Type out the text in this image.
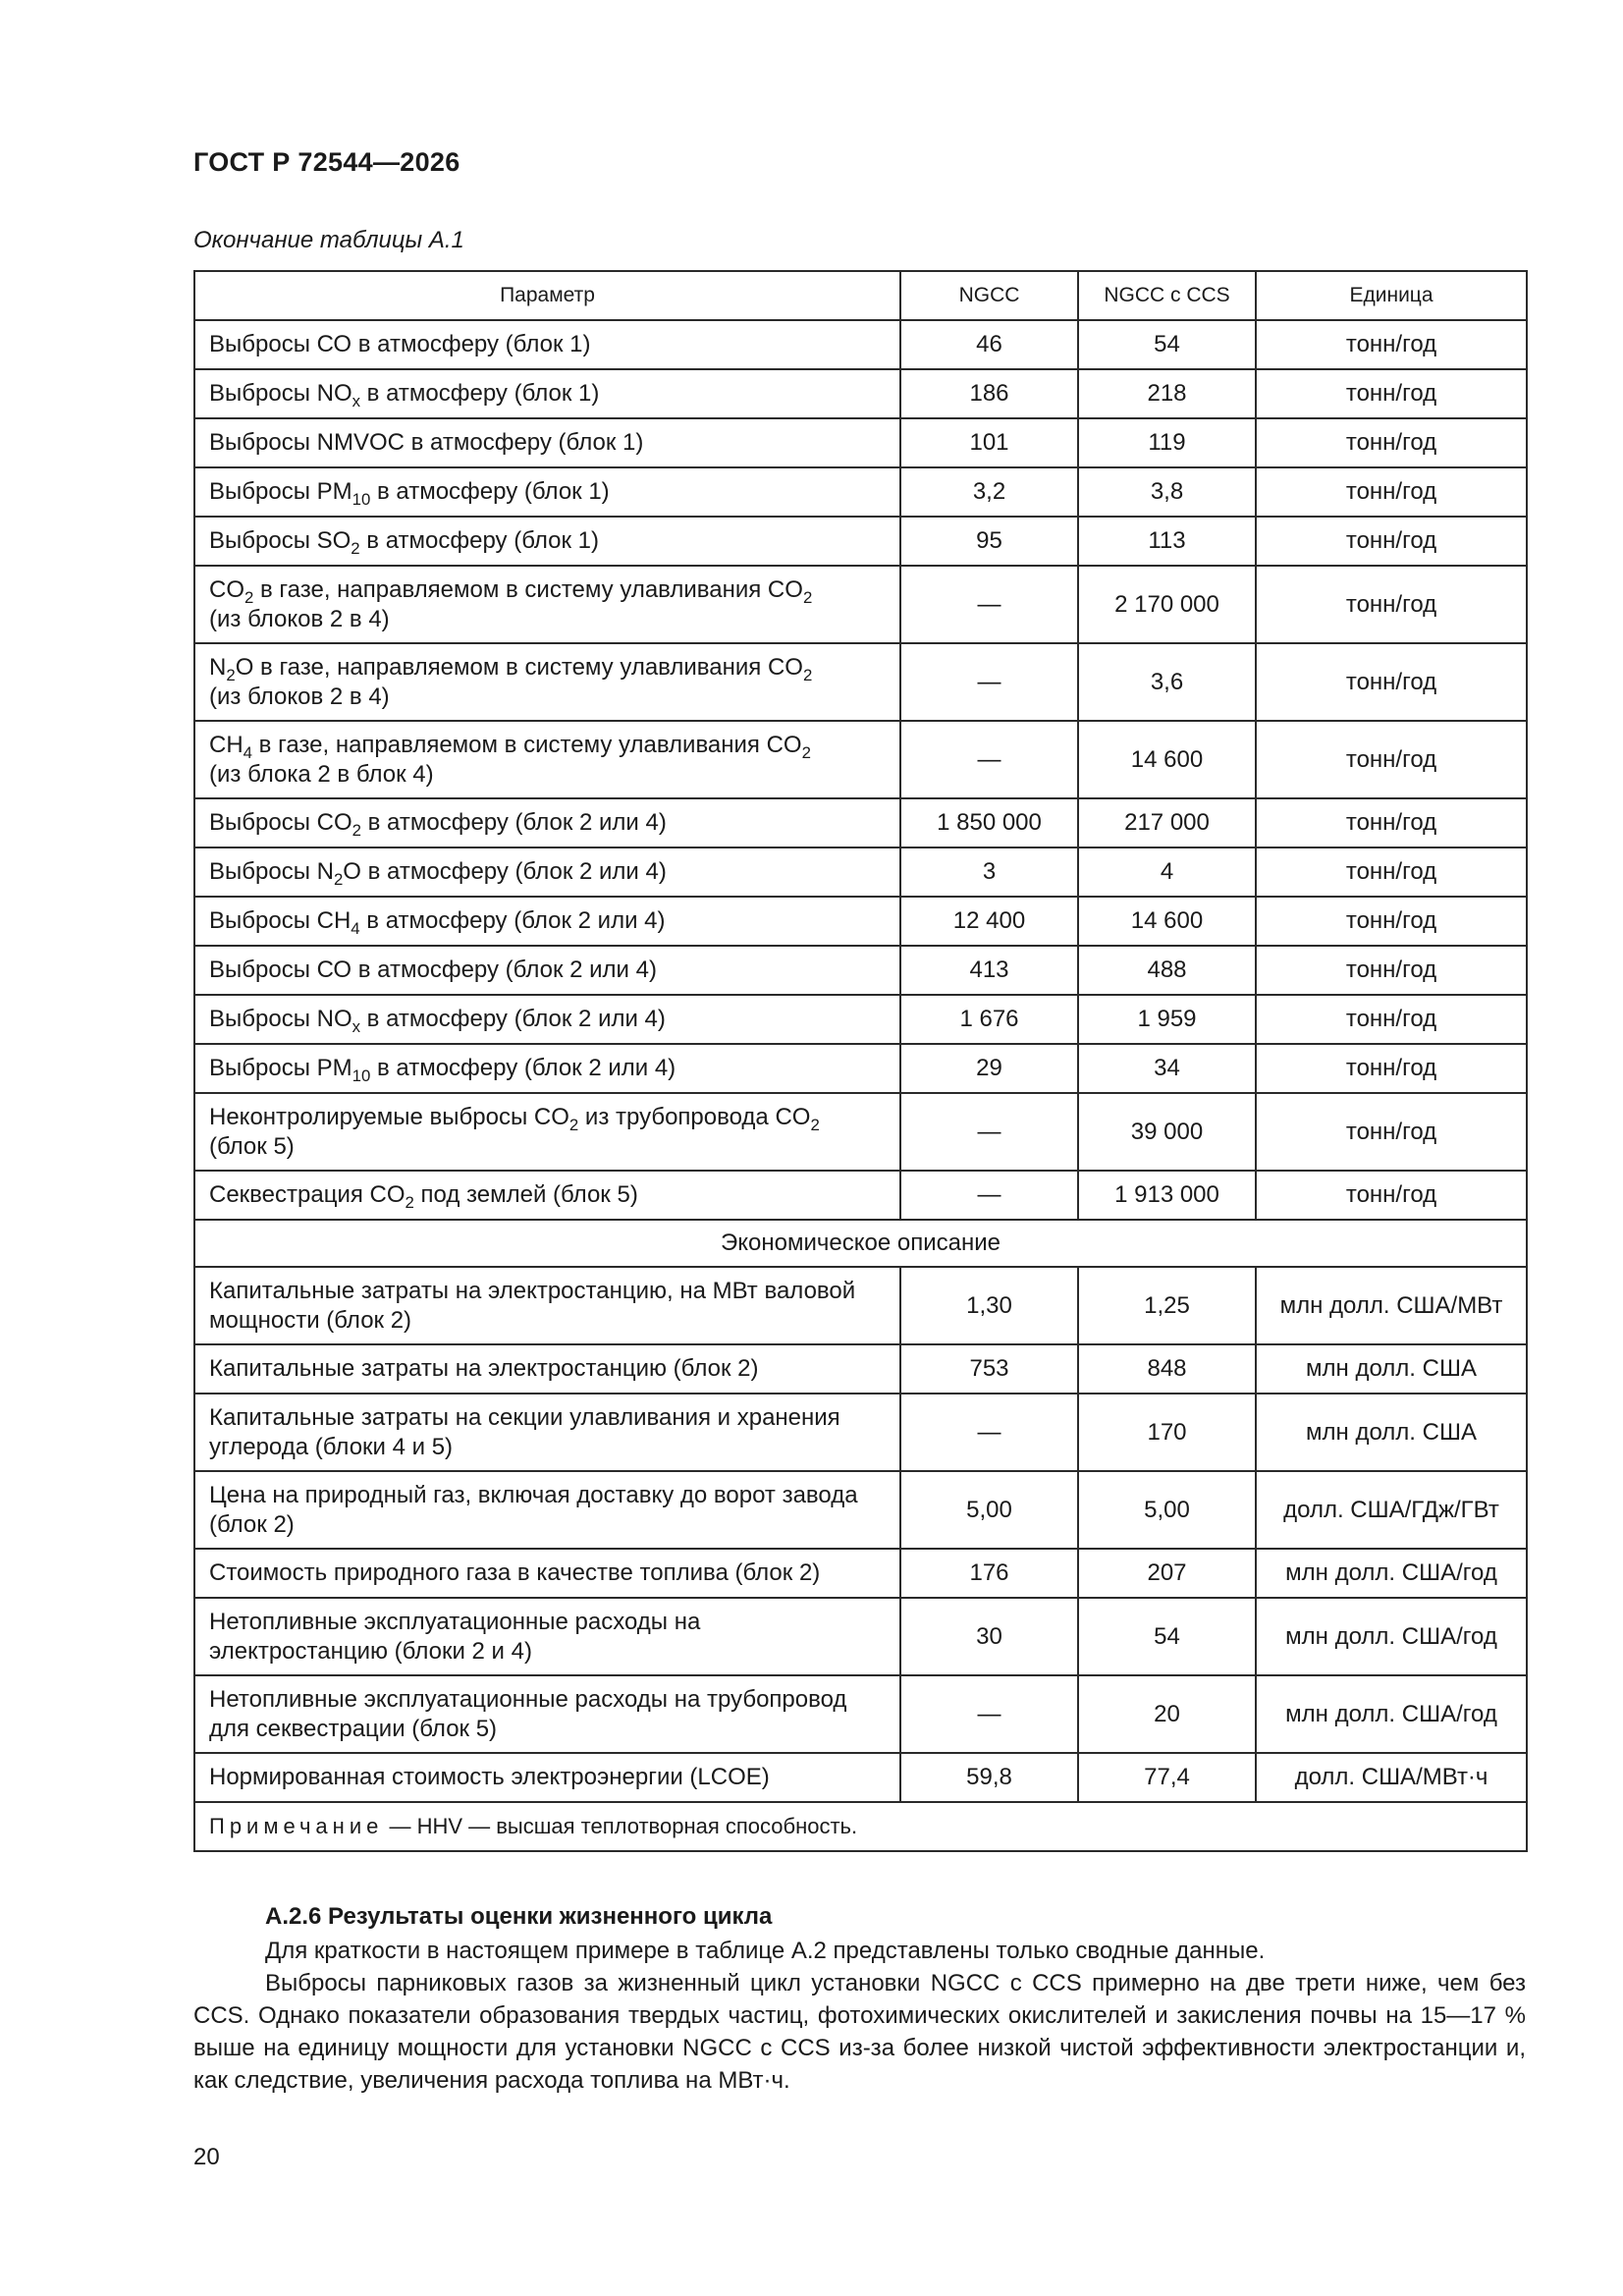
ГОСТ Р 72544—2026
Окончание таблицы А.1
Параметр	NGCC	NGCC с CCS	Единица
Выбросы СО в атмосферу (блок 1)	46	54	тонн/год
Выбросы $NO_x$ в атмосферу (блок 1)	186	218	тонн/год
Выбросы NMVOC в атмосферу (блок 1)	101	119	тонн/год
Выбросы $PM_{10}$ в атмосферу (блок 1)	3,2	3,8	тонн/год
Выбросы $SO_2$ в атмосферу (блок 1)	95	113	тонн/год
$CO_2$ в газе, направляемом в систему улавливания $CO_2$
(из блоков 2 в 4)	—	2 170 000	тонн/год
$N_2O$ в газе, направляемом в систему улавливания $CO_2$
(из блоков 2 в 4)	—	3,6	тонн/год
$CH_4$ в газе, направляемом в систему улавливания $CO_2$
(из блока 2 в блок 4)	—	14 600	тонн/год
Выбросы $CO_2$ в атмосферу (блок 2 или 4)	1 850 000	217 000	тонн/год
Выбросы $N_2O$ в атмосферу (блок 2 или 4)	3	4	тонн/год
Выбросы $CH_4$ в атмосферу (блок 2 или 4)	12 400	14 600	тонн/год
Выбросы СО в атмосферу (блок 2 или 4)	413	488	тонн/год
Выбросы $NO_x$ в атмосферу (блок 2 или 4)	1 676	1 959	тонн/год
Выбросы $PM_{10}$ в атмосферу (блок 2 или 4)	29	34	тонн/год
Неконтролируемые выбросы $CO_2$ из трубопровода $CO_2$
(блок 5)	—	39 000	тонн/год
Секвестрация $CO_2$ под землей (блок 5)	—	1 913 000	тонн/год
Экономическое описание			
Капитальные затраты на электростанцию, на МВт валовой
мощности (блок 2)	1,30	1,25	млн долл. США/МВт
Капитальные затраты на электростанцию (блок 2)	753	848	млн долл. США
Капитальные затраты на секции улавливания и хранения
углерода (блоки 4 и 5)	—	170	млн долл. США
Цена на природный газ, включая доставку до ворот завода
(блок 2)	5,00	5,00	долл. США/ГДж/ГВт
Стоимость природного газа в качестве топлива (блок 2)	176	207	млн долл. США/год
Нетопливные эксплуатационные расходы на
электростанцию (блоки 2 и 4)	30	54	млн долл. США/год
Нетопливные эксплуатационные расходы на трубопровод
для секвестрации (блок 5)	—	20	млн долл. США/год
Нормированная стоимость электроэнергии (LCOE)	59,8	77,4	долл. США/МВт·ч
Примечание — HHV — высшая теплотворная способность.			
А.2.6 Результаты оценки жизненного цикла

Для краткости в настоящем примере в таблице А.2 представлены только сводные данные.

Выбросы парниковых газов за жизненный цикл установки NGCC с CCS примерно на две трети ниже, чем без CCS. Однако показатели образования твердых частиц, фотохимических окислителей и закисления почвы на 15—17 % выше на единицу мощности для установки NGCC с CCS из-за более низкой чистой эффективности электростанции и, как следствие, увеличения расхода топлива на МВт·ч.

20
